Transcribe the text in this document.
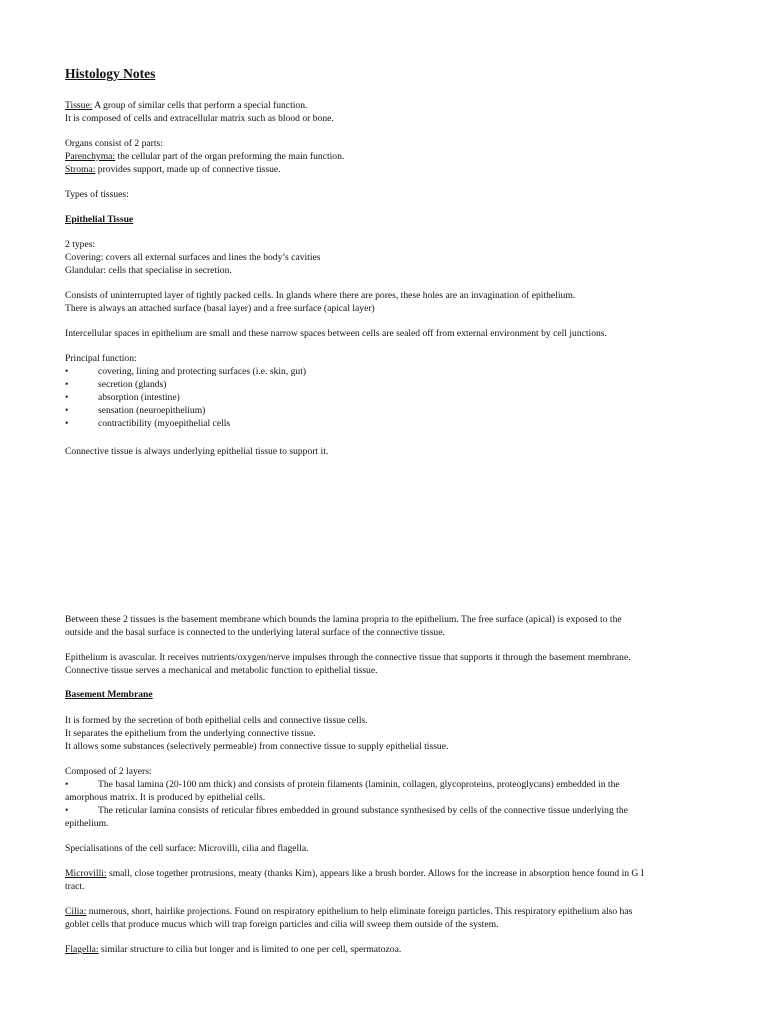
Histology Notes
Tissue: A group of similar cells that perform a special function.
It is composed of cells and extracellular matrix such as blood or bone.
Organs consist of 2 parts:
Parenchyma: the cellular part of the organ preforming the main function.
Stroma: provides support, made up of connective tissue.
Types of tissues:
Epithelial Tissue
2 types:
Covering: covers all external surfaces and lines the body’s cavities
Glandular: cells that specialise in secretion.
Consists of uninterrupted layer of tightly packed cells. In glands where there are pores, these holes are an invagination of epithelium.
There is always an attached surface (basal layer) and a free surface (apical layer)
Intercellular spaces in epithelium are small and these narrow spaces between cells are sealed off from external environment by cell junctions.
Principal function:
•	covering, lining and protecting surfaces (i.e. skin, gut)
•	secretion (glands)
•	absorption (intestine)
•	sensation (neuroepithelium)
•	contractibility (myoepithelial cells
Connective tissue is always underlying epithelial tissue to support it.
Between these 2 tissues is the basement membrane which bounds the lamina propria to the epithelium. The free surface (apical) is exposed to the
outside and the basal surface is connected to the underlying lateral surface of the connective tissue.
Epithelium is avascular. It receives nutrients/oxygen/nerve impulses through the connective tissue that supports it through the basement membrane.
Connective tissue serves a mechanical and metabolic function to epithelial tissue.
Basement Membrane
It is formed by the secretion of both epithelial cells and connective tissue cells.
It separates the epithelium from the underlying connective tissue.
It allows some substances (selectively permeable) from connective tissue to supply epithelial tissue.
Composed of 2 layers:
•	The basal lamina (20-100 nm thick) and consists of protein filaments (laminin, collagen, glycoproteins, proteoglycans) embedded in the
amorphous matrix. It is produced by epithelial cells.
•	The reticular lamina consists of reticular fibres embedded in ground substance synthesised by cells of the connective tissue underlying the
epithelium.
Specialisations of the cell surface: Microvilli, cilia and flagella.
Microvilli: small, close together protrusions, meaty (thanks Kim), appears like a brush border. Allows for the increase in absorption hence found in G I
tract.
Cilia: numerous, short, hairlike projections. Found on respiratory epithelium to help eliminate foreign particles. This respiratory epithelium also has
goblet cells that produce mucus which will trap foreign particles and cilia will sweep them outside of the system.
Flagella: similar structure to cilia but longer and is limited to one per cell, spermatozoa.
